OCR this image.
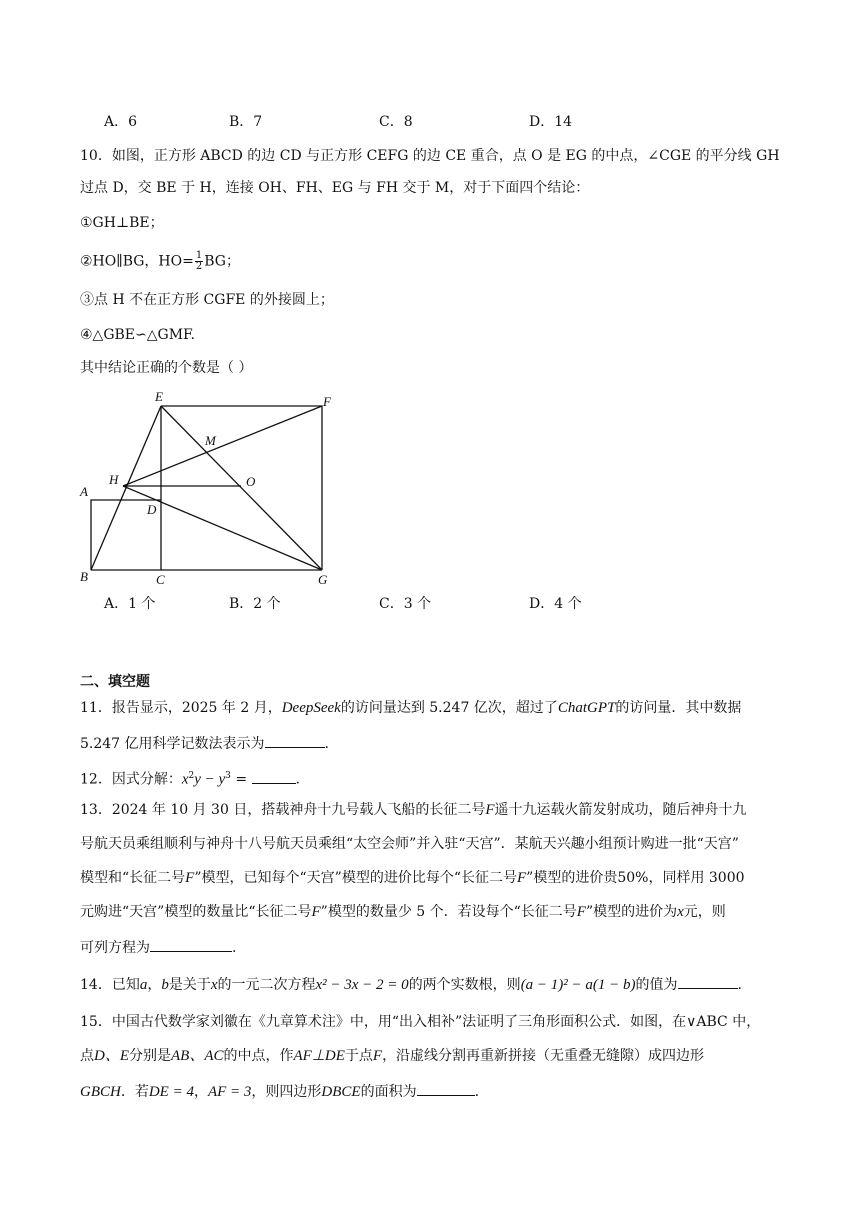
A．6	B．7	C．8	D．14
10．如图，正方形 ABCD 的边 CD 与正方形 CEFG 的边 CE 重合，点 O 是 EG 的中点，∠CGE 的平分线 GH
过点 D，交 BE 于 H，连接 OH、FH、EG 与 FH 交于 M，对于下面四个结论：
①GH⊥BE；
②HO∥BG，$HO= \frac{1}{2}$ BG；
③点 H 不在正方形 CGFE 的外接圆上；
④△GBE∽△GMF.
其中结论正确的个数是（ ）
E	F
M
H	O
A
D
B	C	G
A．1 个	B．2 个	C．3 个	D．4 个
二、填空题
11．报告显示，2025 年 2 月，DeepSeek的访问量达到 5.247 亿次，超过了ChatGPT的访问量．其中数据
5.247 亿用科学记数法表示为	.
12．因式分解：$x^2y - y^3$ =	.
13．2024 年 10 月 30 日，搭载神舟十九号载人飞船的长征二号F遥十九运载火箭发射成功，随后神舟十九
号航天员乘组顺利与神舟十八号航天员乘组“太空会师”并入驻“天宫”．某航天兴趣小组预计购进一批“天宫”
模型和“长征二号F”模型，已知每个“天宫”模型的进价比每个“长征二号F”模型的进价贵50%，同样用 3000
元购进“天宫”模型的数量比“长征二号F”模型的数量少 5 个．若设每个“长征二号F”模型的进价为x元，则
可列方程为	.
14．已知a，b是关于x的一元二次方程x² − 3x − 2 = 0的两个实数根，则(a − 1)² − a(1 − b)的值为	.
15．中国古代数学家刘徽在《九章算术注》中，用“出入相补”法证明了三角形面积公式．如图，在∨ABC 中，
点D、E分别是AB、AC的中点，作AF⊥DE于点F，沿虚线分割再重新拼接（无重叠无缝隙）成四边形
GBCH．若DE = 4，AF = 3，则四边形DBCE的面积为	.
